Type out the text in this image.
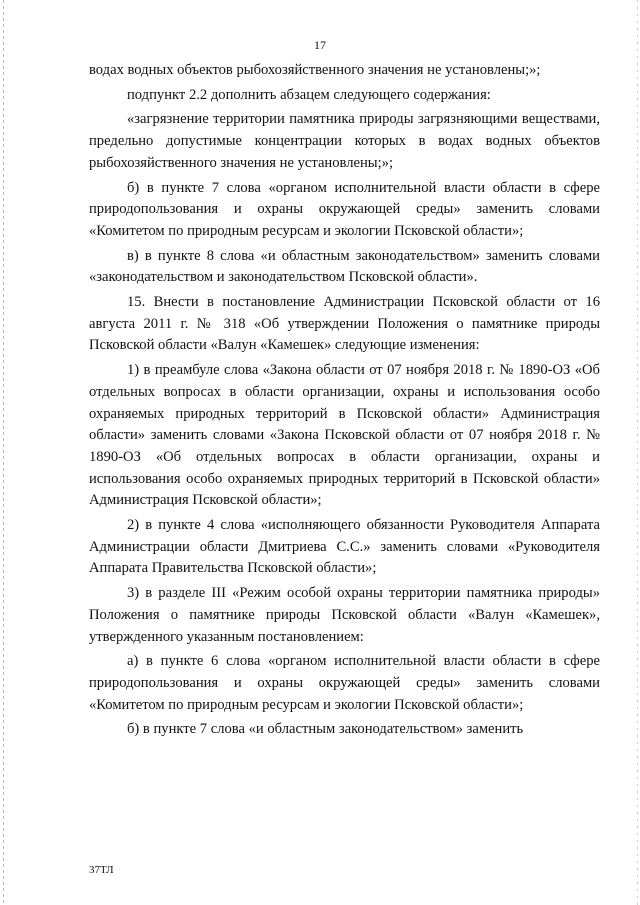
17

водах водных объектов рыбохозяйственного значения не установлены;»;

подпункт 2.2 дополнить абзацем следующего содержания:

«загрязнение территории памятника природы загрязняющими веществами, предельно допустимые концентрации которых в водах водных объектов рыбохозяйственного значения не установлены;»;

б) в пункте 7 слова «органом исполнительной власти области в сфере природопользования и охраны окружающей среды» заменить словами «Комитетом по природным ресурсам и экологии Псковской области»;

в) в пункте 8 слова «и областным законодательством» заменить словами «законодательством и законодательством Псковской области».

15. Внести в постановление Администрации Псковской области от 16 августа 2011 г. № 318 «Об утверждении Положения о памятнике природы Псковской области «Валун «Камешек» следующие изменения:

1) в преамбуле слова «Закона области от 07 ноября 2018 г. № 1890-ОЗ «Об отдельных вопросах в области организации, охраны и использования особо охраняемых природных территорий в Псковской области» Администрация области» заменить словами «Закона Псковской области от 07 ноября 2018 г. № 1890-ОЗ «Об отдельных вопросах в области организации, охраны и использования особо охраняемых природных территорий в Псковской области» Администрация Псковской области»;

2) в пункте 4 слова «исполняющего обязанности Руководителя Аппарата Администрации области Дмитриева С.С.» заменить словами «Руководителя Аппарата Правительства Псковской области»;

3) в разделе III «Режим особой охраны территории памятника природы» Положения о памятнике природы Псковской области «Валун «Камешек», утвержденного указанным постановлением:

а) в пункте 6 слова «органом исполнительной власти области в сфере природопользования и охраны окружающей среды» заменить словами «Комитетом по природным ресурсам и экологии Псковской области»;

б) в пункте 7 слова «и областным законодательством» заменить

37ТЛ
